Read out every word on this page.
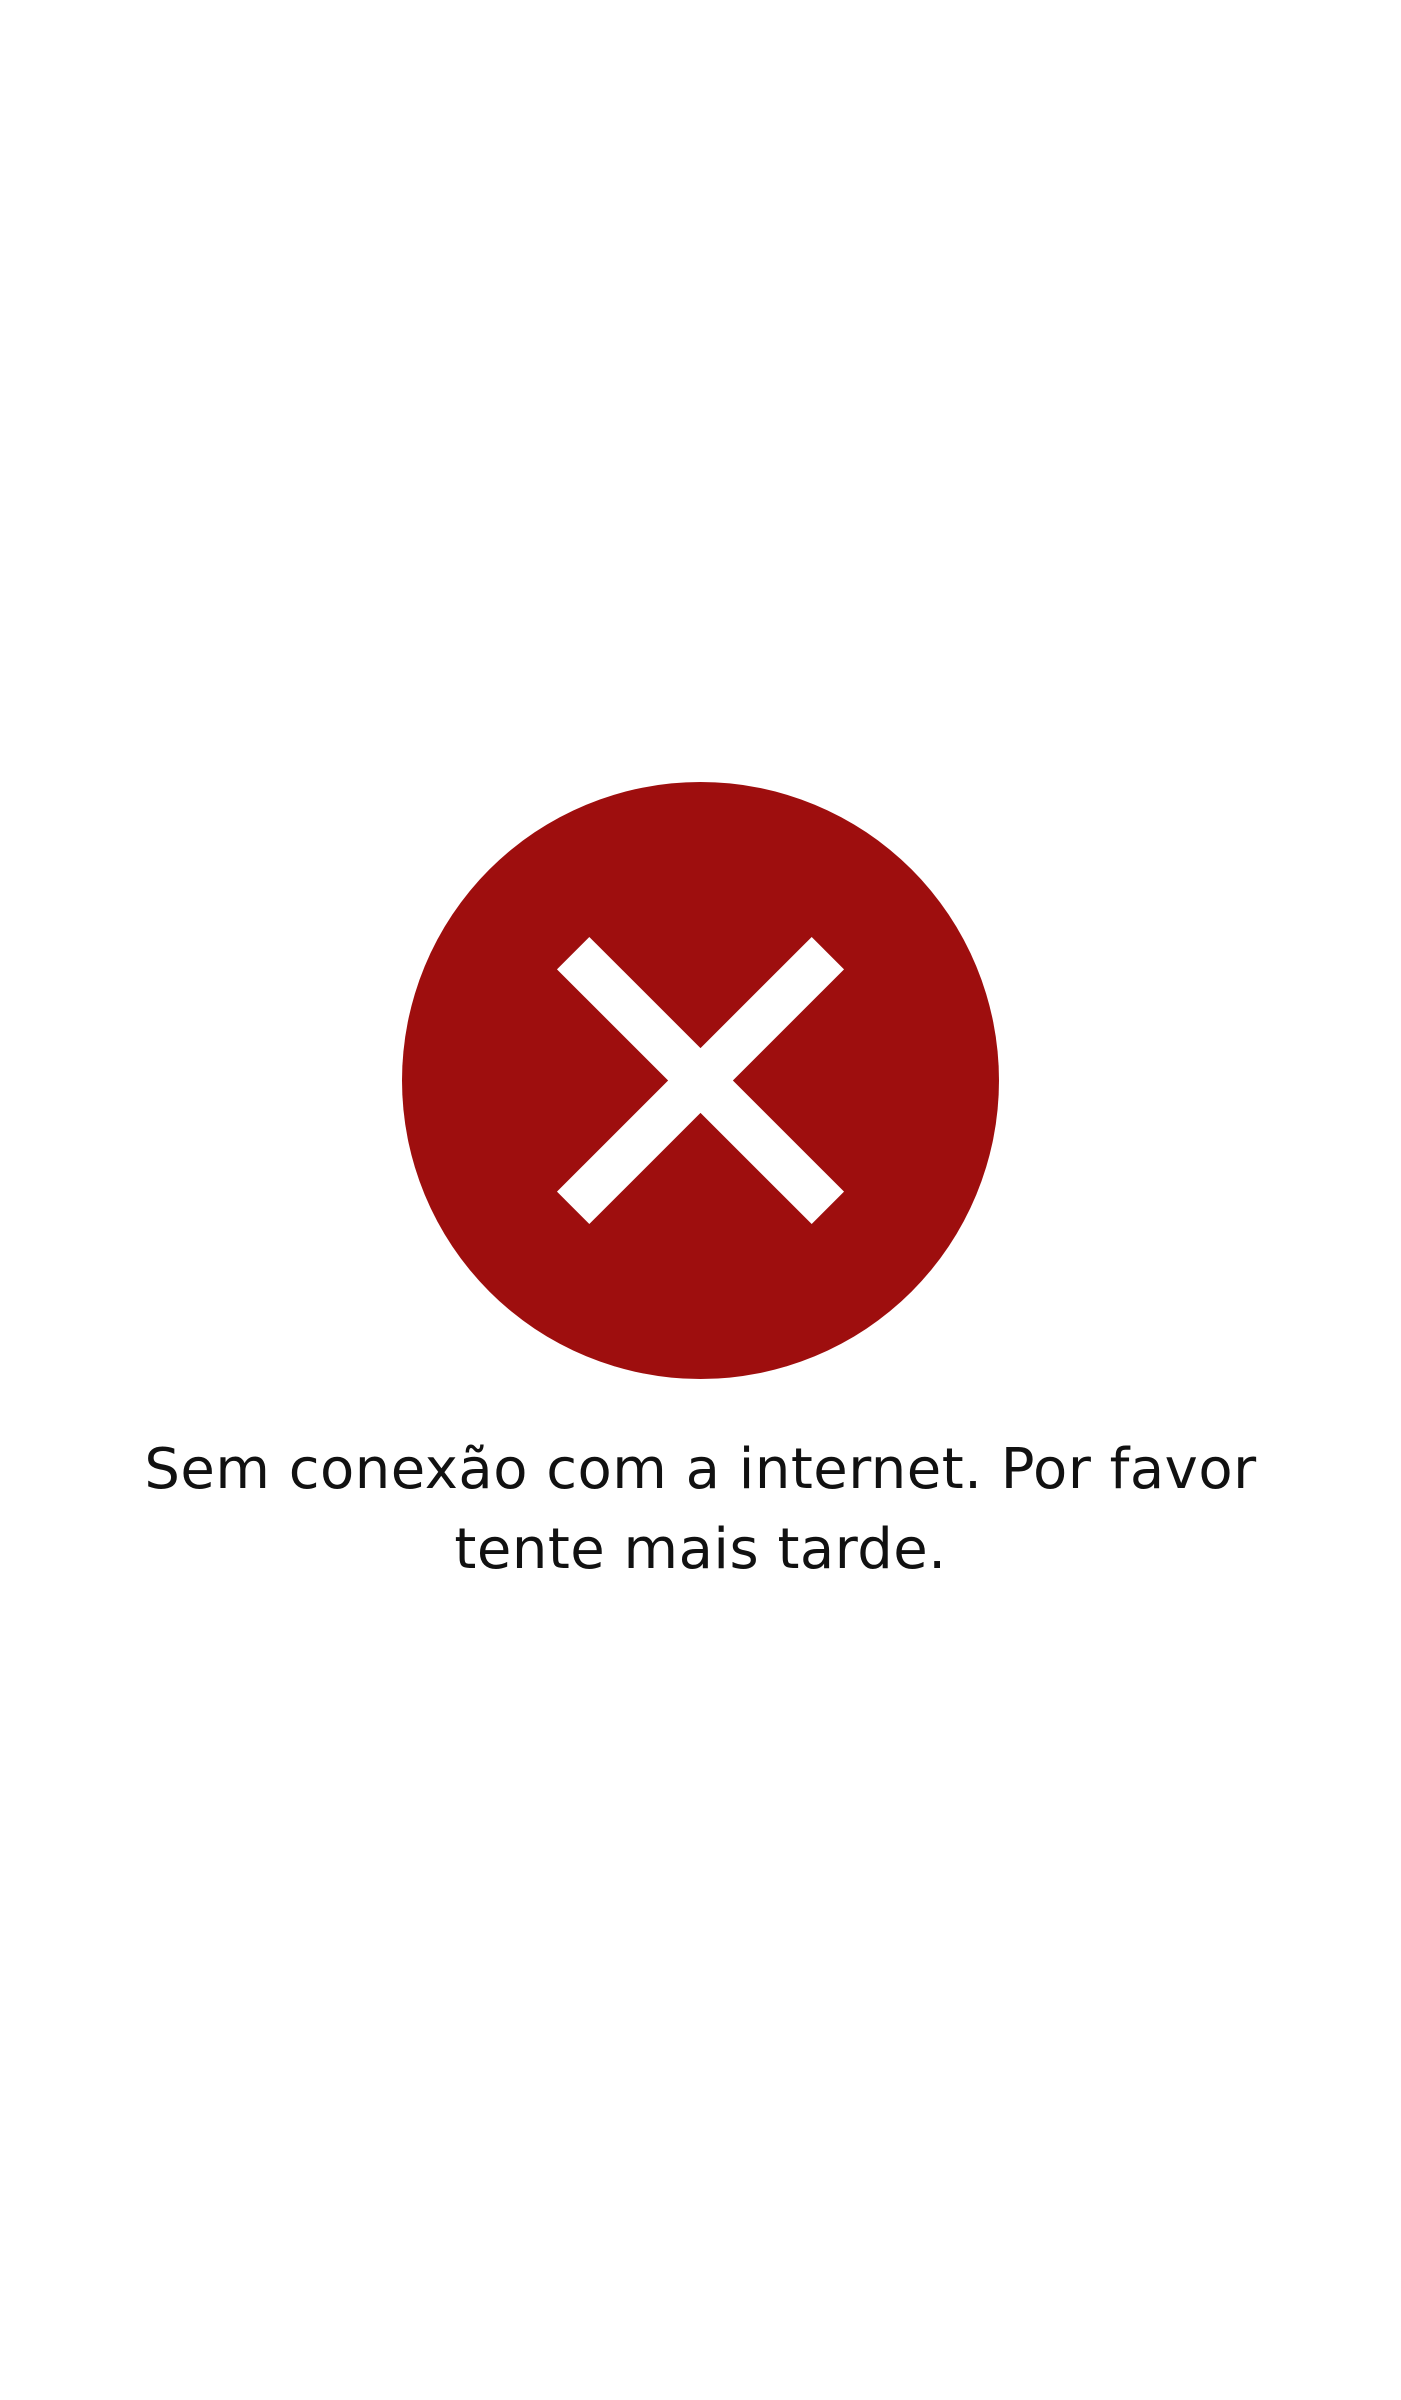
Sem conexão com a internet. Por favor tente mais tarde.
